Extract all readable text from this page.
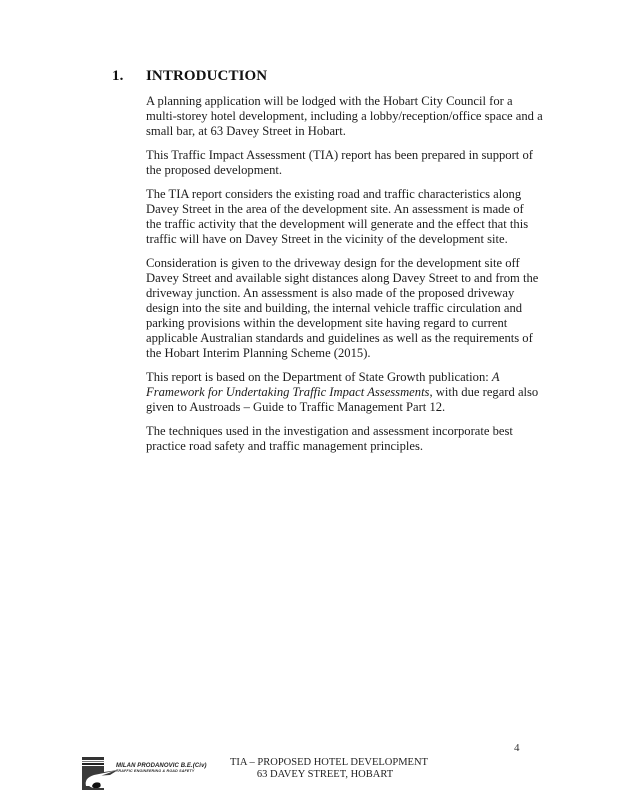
1. INTRODUCTION

A planning application will be lodged with the Hobart City Council for a
multi-storey hotel development, including a lobby/reception/office space and a
small bar, at 63 Davey Street in Hobart.

This Traffic Impact Assessment (TIA) report has been prepared in support of
the proposed development.

The TIA report considers the existing road and traffic characteristics along
Davey Street in the area of the development site. An assessment is made of
the traffic activity that the development will generate and the effect that this
traffic will have on Davey Street in the vicinity of the development site.

Consideration is given to the driveway design for the development site off
Davey Street and available sight distances along Davey Street to and from the
driveway junction. An assessment is also made of the proposed driveway
design into the site and building, the internal vehicle traffic circulation and
parking provisions within the development site having regard to current
applicable Australian standards and guidelines as well as the requirements of
the Hobart Interim Planning Scheme (2015).

This report is based on the Department of State Growth publication: A
Framework for Undertaking Traffic Impact Assessments, with due regard also
given to Austroads – Guide to Traffic Management Part 12.

The techniques used in the investigation and assessment incorporate best
practice road safety and traffic management principles.

MILAN PRODANOVIC B.E.(Civ)
TRAFFIC ENGINEERING & ROAD SAFETY
TIA – PROPOSED HOTEL DEVELOPMENT
63 DAVEY STREET, HOBART
4
